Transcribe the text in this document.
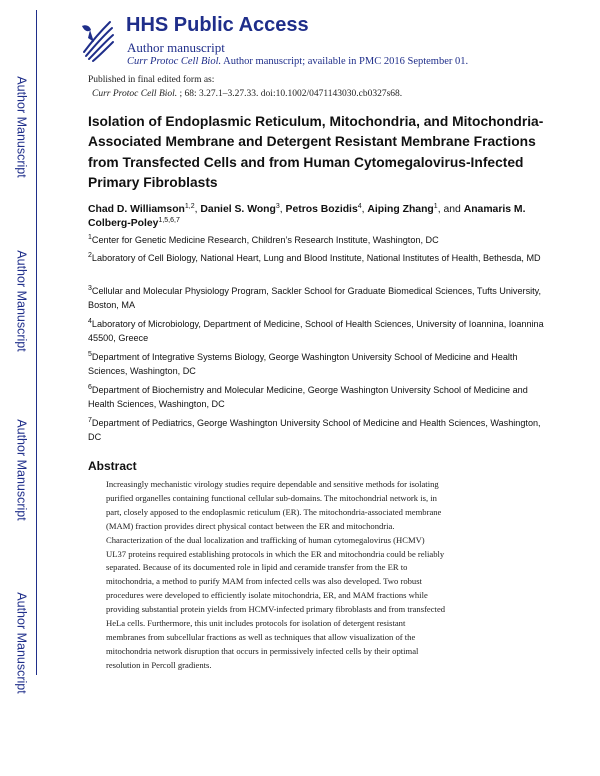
Author Manuscript
Author Manuscript
Author Manuscript
Author Manuscript
HHS Public Access
Author manuscript
Curr Protoc Cell Biol. Author manuscript; available in PMC 2016 September 01.
Published in final edited form as:
Curr Protoc Cell Biol. ; 68: 3.27.1–3.27.33. doi:10.1002/0471143030.cb0327s68.
Isolation of Endoplasmic Reticulum, Mitochondria, and Mitochondria-Associated Membrane and Detergent Resistant Membrane Fractions from Transfected Cells and from Human Cytomegalovirus-Infected Primary Fibroblasts
Chad D. Williamson$^{1,2}$, Daniel S. Wong$^3$, Petros Bozidis$^4$, Aiping Zhang$^1$, and Anamaris M. Colberg-Poley$^{1,5,6,7}$
$^1$Center for Genetic Medicine Research, Children’s Research Institute, Washington, DC
$^2$Laboratory of Cell Biology, National Heart, Lung and Blood Institute, National Institutes of Health, Bethesda, MD
$^3$Cellular and Molecular Physiology Program, Sackler School for Graduate Biomedical Sciences, Tufts University, Boston, MA
$^4$Laboratory of Microbiology, Department of Medicine, School of Health Sciences, University of Ioannina, Ioannina 45500, Greece
$^5$Department of Integrative Systems Biology, George Washington University School of Medicine and Health Sciences, Washington, DC
$^6$Department of Biochemistry and Molecular Medicine, George Washington University School of Medicine and Health Sciences, Washington, DC
$^7$Department of Pediatrics, George Washington University School of Medicine and Health Sciences, Washington, DC
Abstract
Increasingly mechanistic virology studies require dependable and sensitive methods for isolating
purified organelles containing functional cellular sub-domains. The mitochondrial network is, in
part, closely apposed to the endoplasmic reticulum (ER). The mitochondria-associated membrane
(MAM) fraction provides direct physical contact between the ER and mitochondria.
Characterization of the dual localization and trafficking of human cytomegalovirus (HCMV)
UL37 proteins required establishing protocols in which the ER and mitochondria could be reliably
separated. Because of its documented role in lipid and ceramide transfer from the ER to
mitochondria, a method to purify MAM from infected cells was also developed. Two robust
procedures were developed to efficiently isolate mitochondria, ER, and MAM fractions while
providing substantial protein yields from HCMV-infected primary fibroblasts and from transfected
HeLa cells. Furthermore, this unit includes protocols for isolation of detergent resistant
membranes from subcellular fractions as well as techniques that allow visualization of the
mitochondria network disruption that occurs in permissively infected cells by their optimal
resolution in Percoll gradients.
